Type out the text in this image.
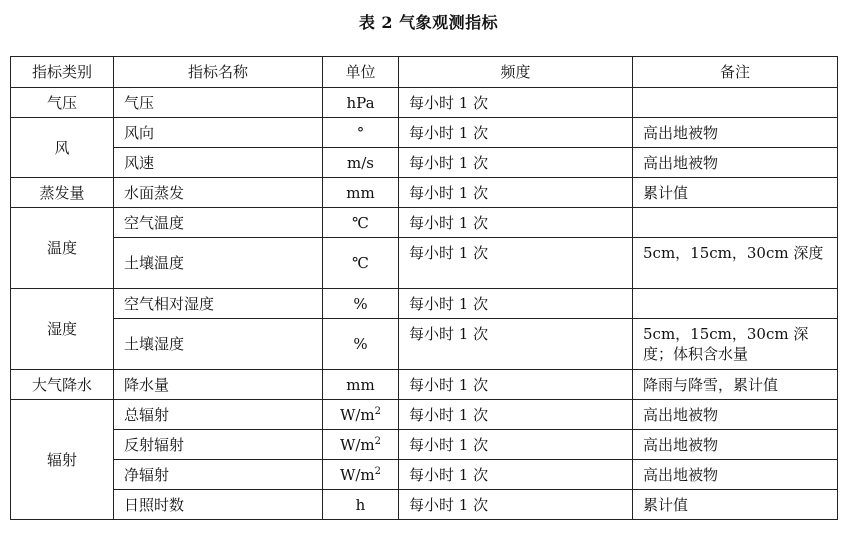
表 2 气象观测指标
指标类别	指标名称	单位	频度	备注
气压	气压	hPa	每小时 1 次	
风	风向	°	每小时 1 次	高出地被物
	风速	m/s	每小时 1 次	高出地被物
蒸发量	水面蒸发	mm	每小时 1 次	累计值
温度	空气温度	℃	每小时 1 次	
	土壤温度	℃	每小时 1 次	5cm，15cm，30cm 深度
湿度	空气相对湿度	%	每小时 1 次	
	土壤湿度	%	每小时 1 次	5cm，15cm，30cm 深度；体积含水量
大气降水	降水量	mm	每小时 1 次	降雨与降雪，累计值
辐射	总辐射	$W/m^2$	每小时 1 次	高出地被物
	反射辐射	$W/m^2$	每小时 1 次	高出地被物
	净辐射	$W/m^2$	每小时 1 次	高出地被物
	日照时数	h	每小时 1 次	累计值
